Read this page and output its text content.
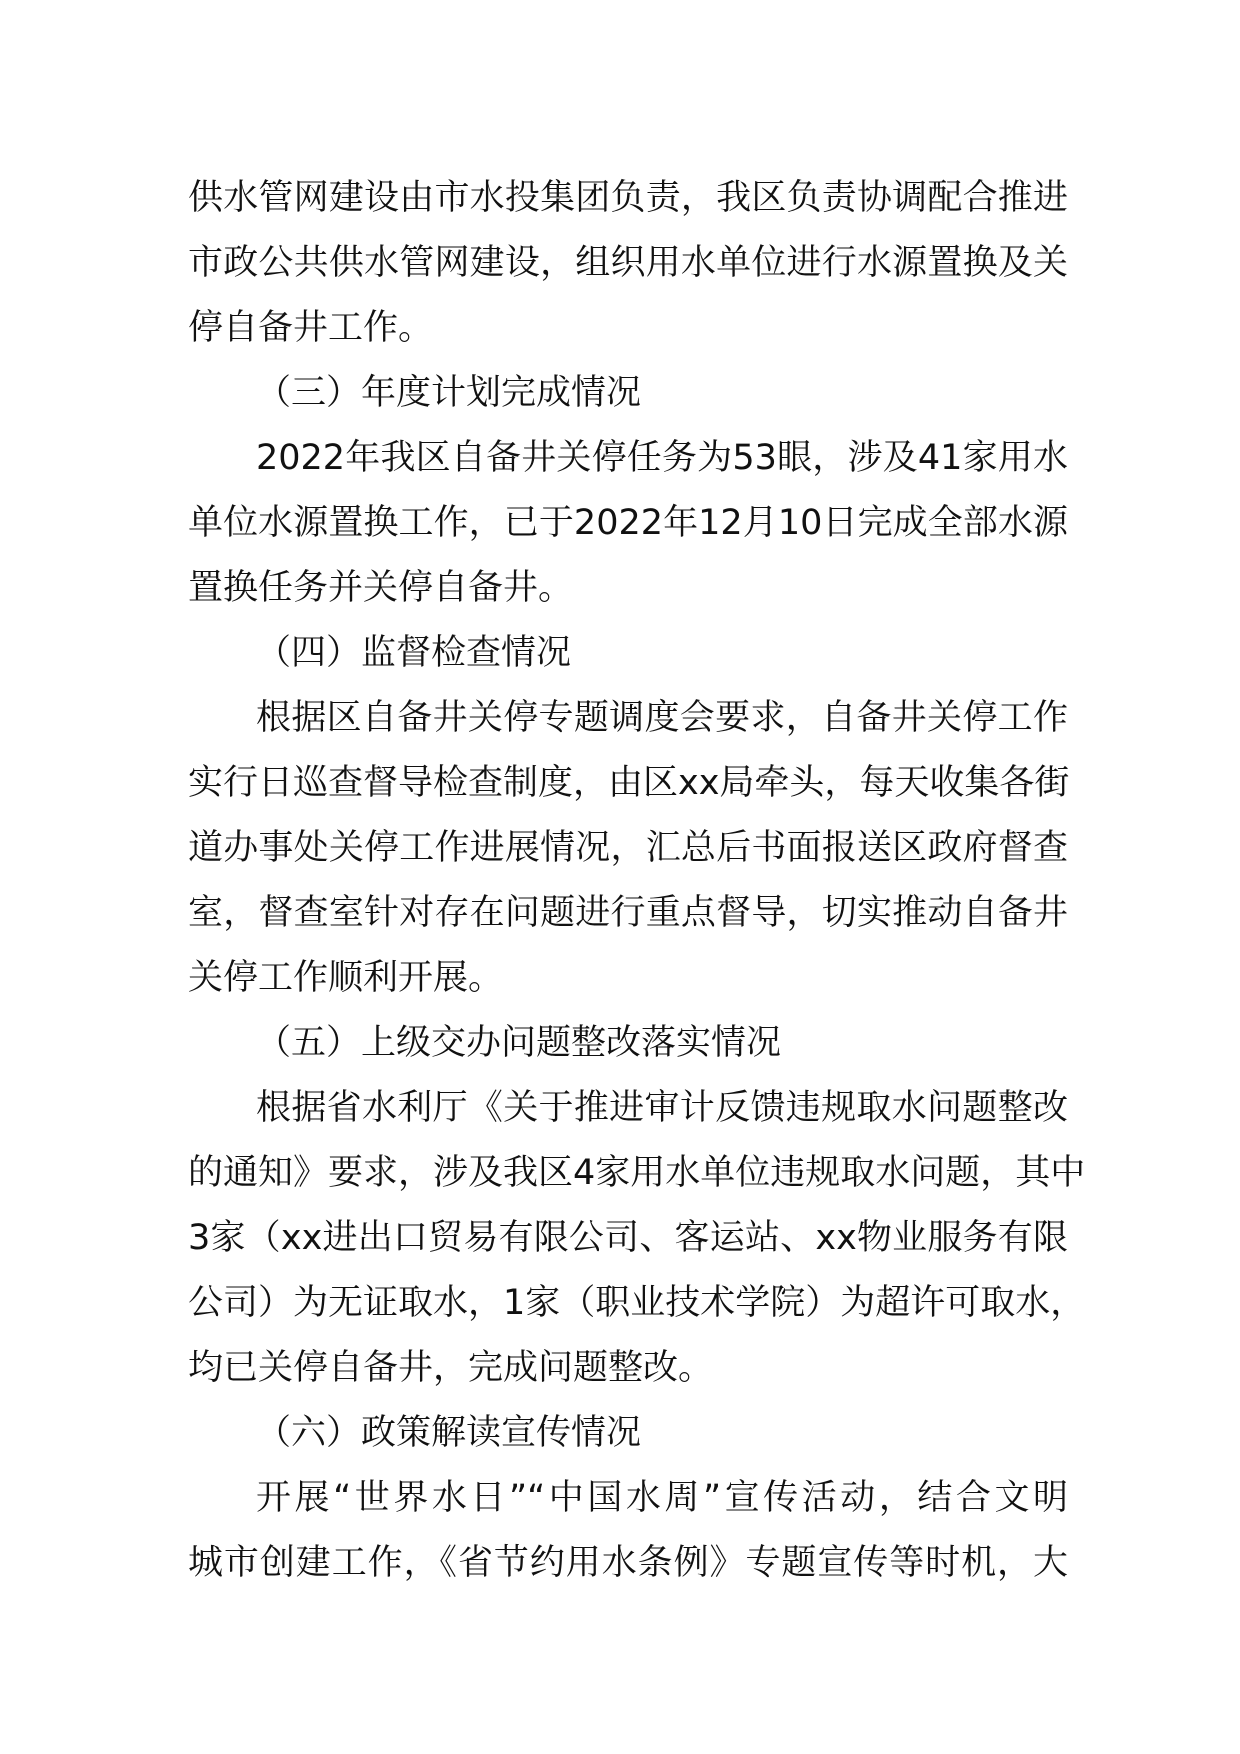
供水管网建设由市水投集团负责，我区负责协调配合推进
市政公共供水管网建设，组织用水单位进行水源置换及关
停自备井工作。
（三）年度计划完成情况
2022年我区自备井关停任务为53眼，涉及41家用水
单位水源置换工作，已于2022年12月10日完成全部水源
置换任务并关停自备井。
（四）监督检查情况
根据区自备井关停专题调度会要求，自备井关停工作
实行日巡查督导检查制度，由区xx局牵头，每天收集各街
道办事处关停工作进展情况，汇总后书面报送区政府督查
室，督查室针对存在问题进行重点督导，切实推动自备井
关停工作顺利开展。
（五）上级交办问题整改落实情况
根据省水利厅《关于推进审计反馈违规取水问题整改
的通知》要求，涉及我区4家用水单位违规取水问题，其中
3家（xx进出口贸易有限公司、客运站、xx物业服务有限
公司）为无证取水，1家（职业技术学院）为超许可取水，
均已关停自备井，完成问题整改。
（六）政策解读宣传情况
开展“世界水日”“中国水周”宣传活动，结合文明
城市创建工作，《省节约用水条例》专题宣传等时机，大
